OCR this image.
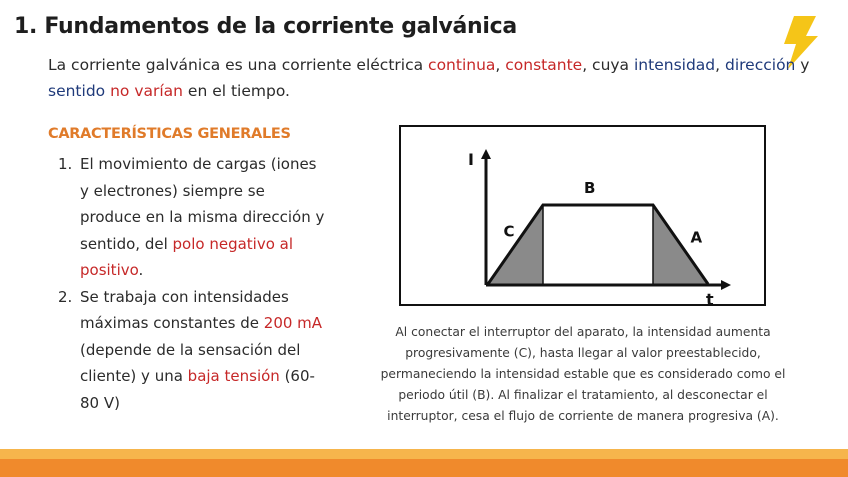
1. Fundamentos de la corriente galvánica

La corriente galvánica es una corriente eléctrica continua, constante, cuya intensidad, dirección y sentido no varían en el tiempo.

CARACTERÍSTICAS GENERALES
1. El movimiento de cargas (iones y electrones) siempre se produce en la misma dirección y sentido, del polo negativo al positivo.
2. Se trabaja con intensidades máximas constantes de 200 mA (depende de la sensación del cliente) y una baja tensión (60-80 V)
I
t
C
B
A

Al conectar el interruptor del aparato, la intensidad aumenta progresivamente (C), hasta llegar al valor preestablecido, permaneciendo la intensidad estable que es considerado como el periodo útil (B). Al finalizar el tratamiento, al desconectar el interruptor, cesa el flujo de corriente de manera progresiva (A).
